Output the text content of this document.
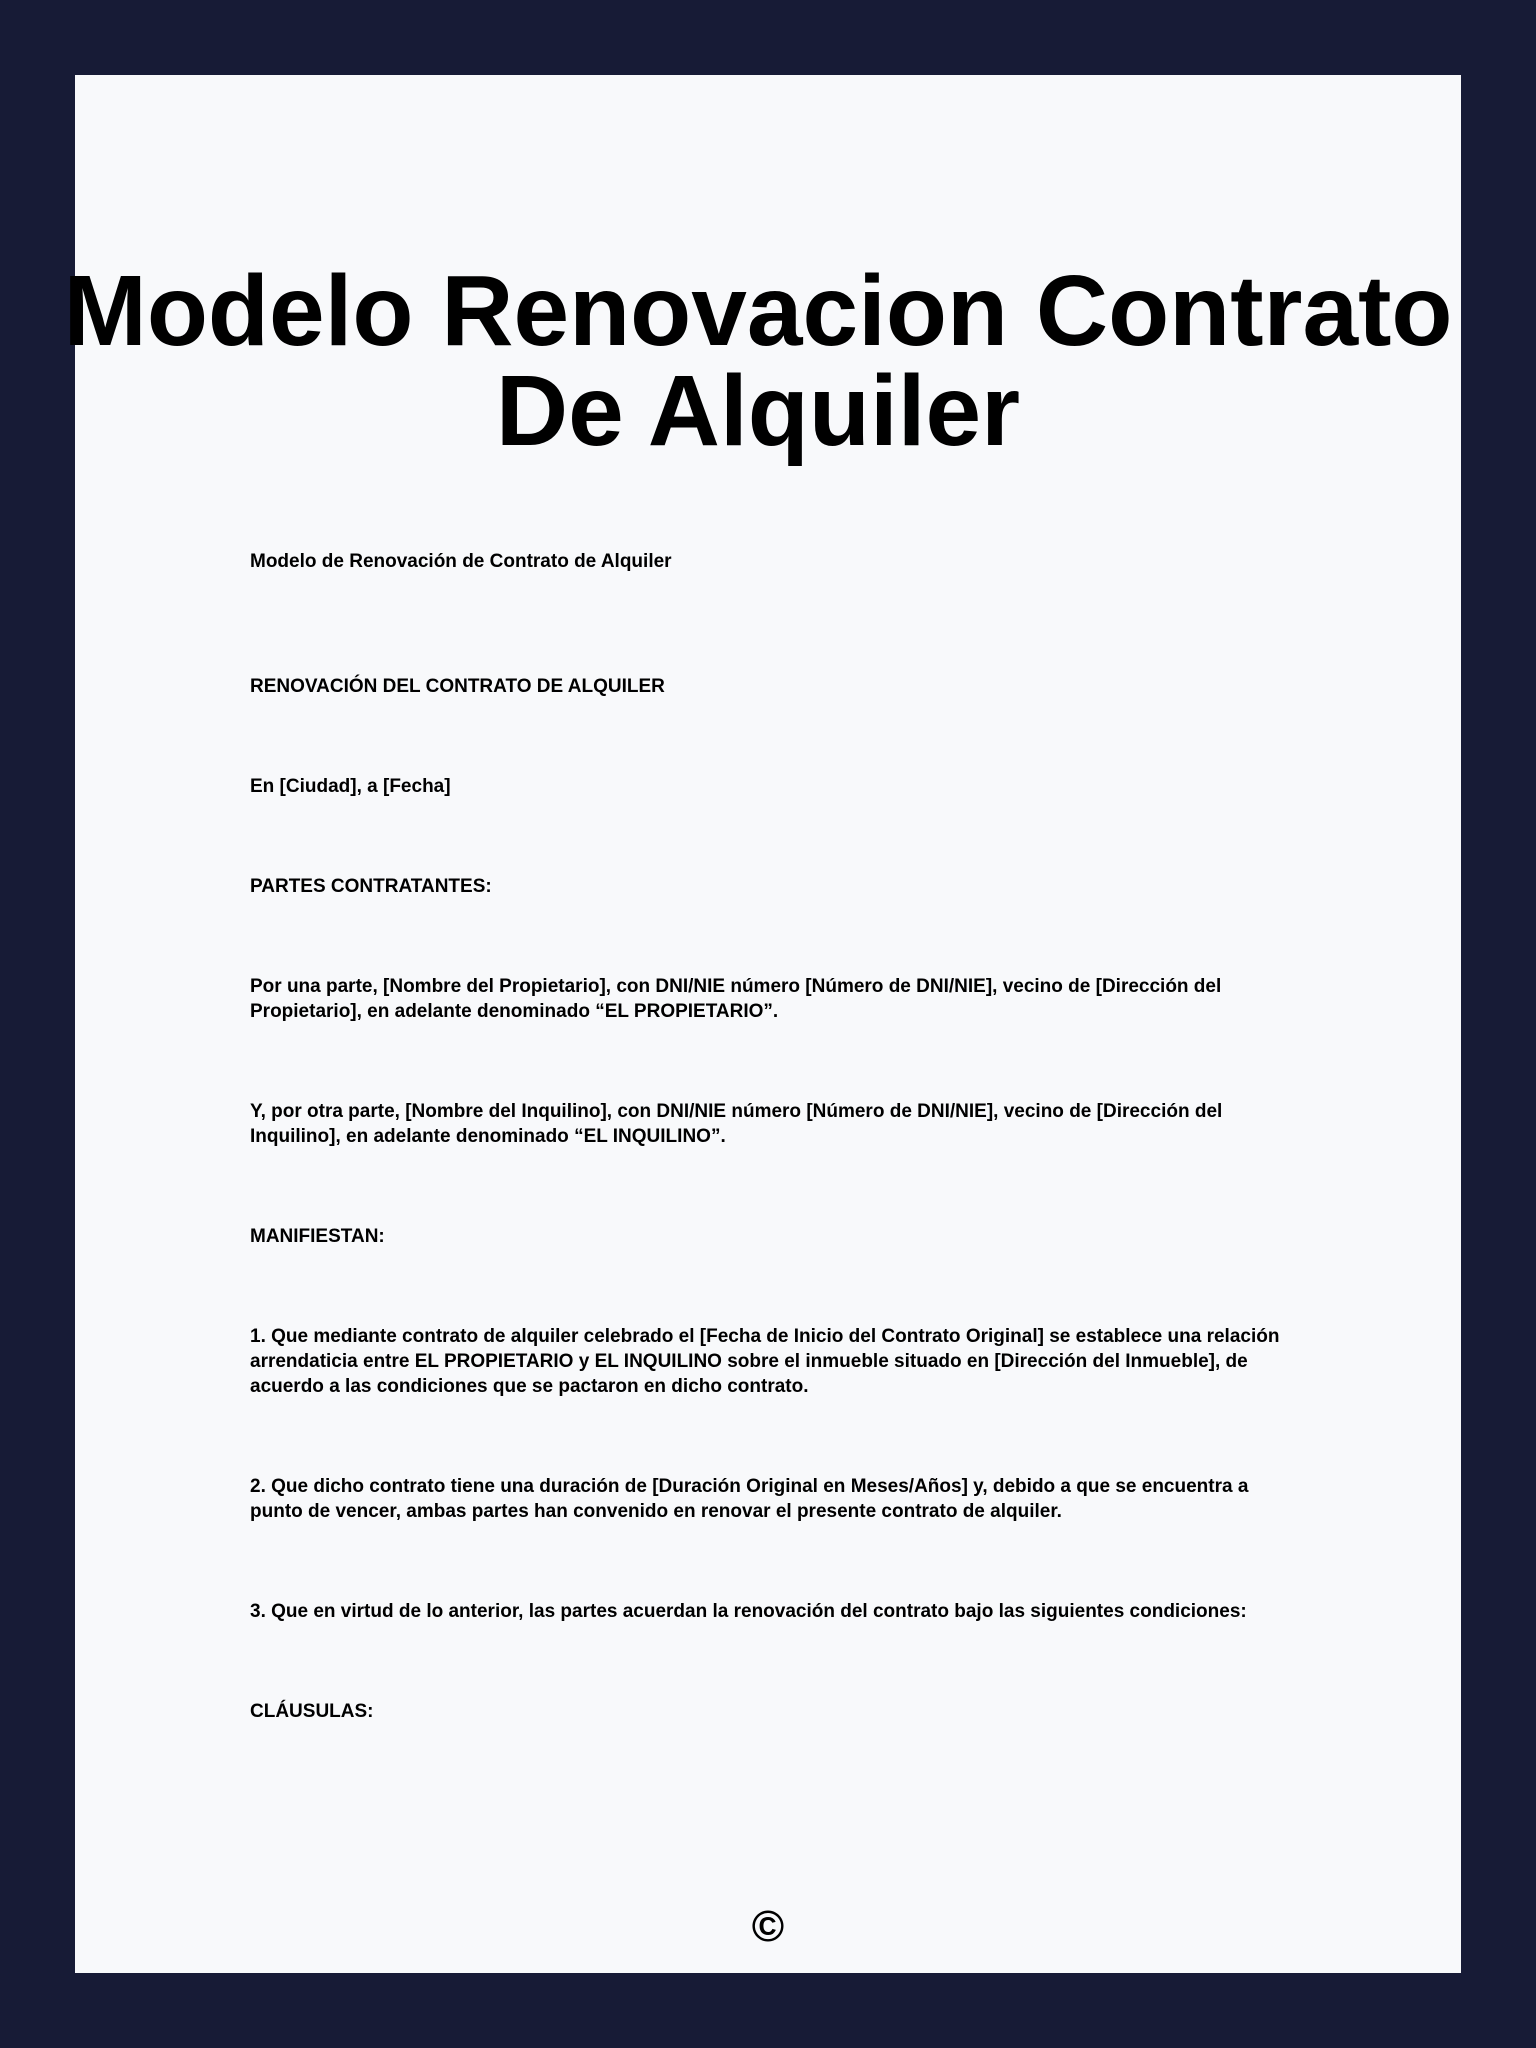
Modelo Renovacion Contrato
De Alquiler

Modelo de Renovación de Contrato de Alquiler

RENOVACIÓN DEL CONTRATO DE ALQUILER

En [Ciudad], a [Fecha]

PARTES CONTRATANTES:

Por una parte, [Nombre del Propietario], con DNI/NIE número [Número de DNI/NIE], vecino de [Dirección del Propietario], en adelante denominado “EL PROPIETARIO”.

Y, por otra parte, [Nombre del Inquilino], con DNI/NIE número [Número de DNI/NIE], vecino de [Dirección del Inquilino], en adelante denominado “EL INQUILINO”.

MANIFIESTAN:

1. Que mediante contrato de alquiler celebrado el [Fecha de Inicio del Contrato Original] se establece una relación arrendaticia entre EL PROPIETARIO y EL INQUILINO sobre el inmueble situado en [Dirección del Inmueble], de acuerdo a las condiciones que se pactaron en dicho contrato.

2. Que dicho contrato tiene una duración de [Duración Original en Meses/Años] y, debido a que se encuentra a punto de vencer, ambas partes han convenido en renovar el presente contrato de alquiler.

3. Que en virtud de lo anterior, las partes acuerdan la renovación del contrato bajo las siguientes condiciones:

CLÁUSULAS:

©
